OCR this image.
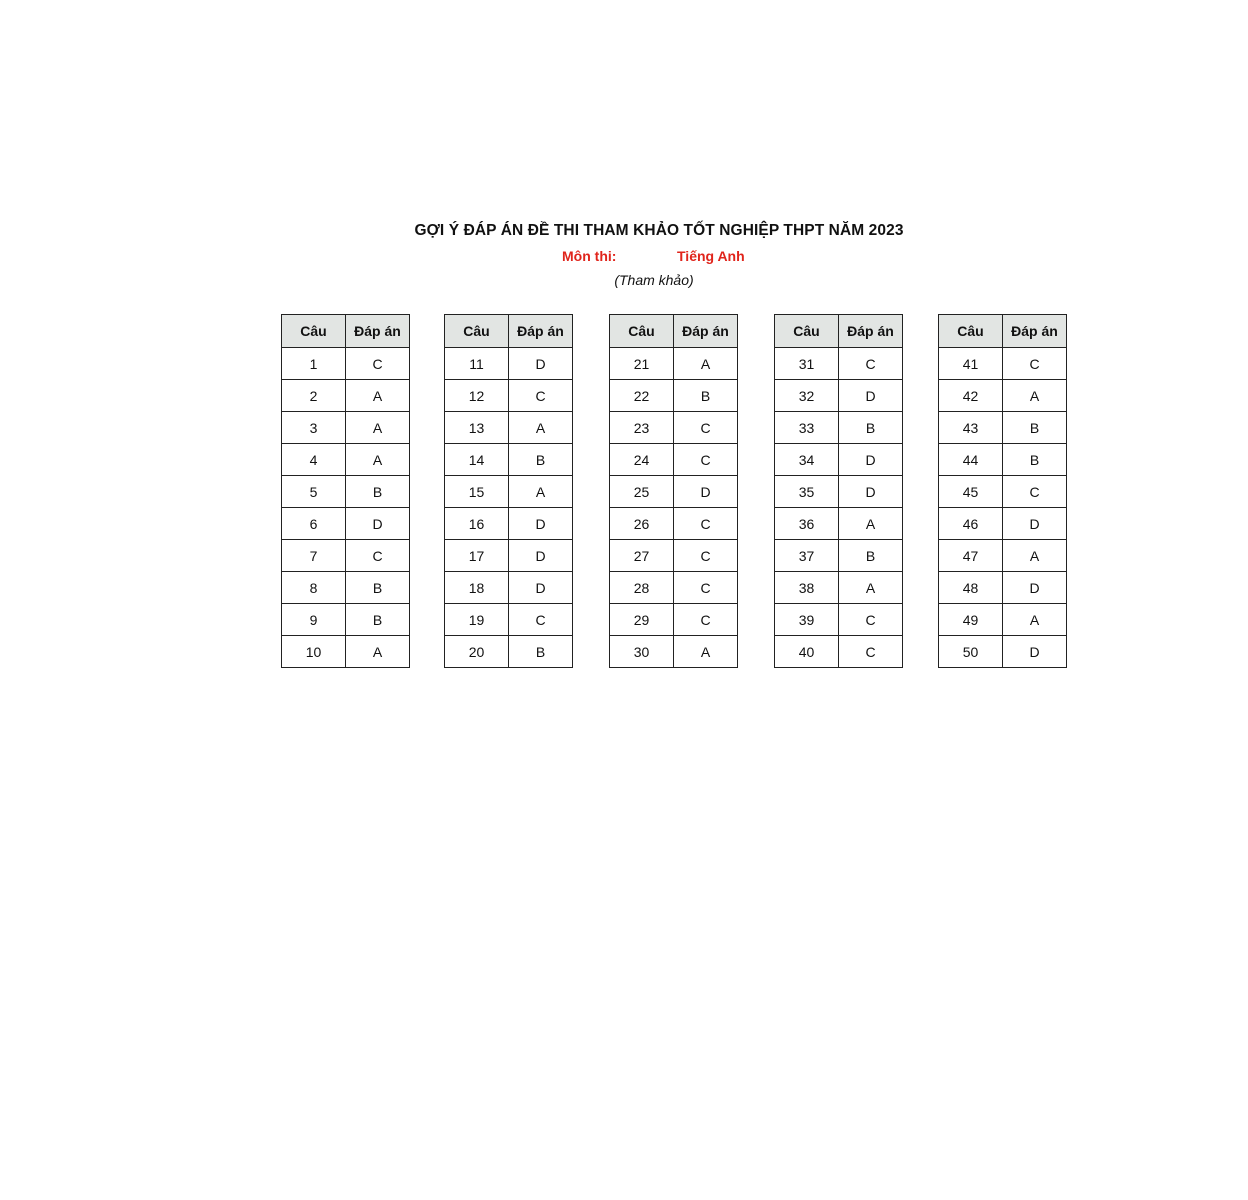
GỢI Ý ĐÁP ÁN ĐỀ THI THAM KHẢO TỐT NGHIỆP THPT NĂM 2023
Môn thi:	Tiếng Anh
(Tham khảo)
Câu	Đáp án
1	C
2	A
3	A
4	A
5	B
6	D
7	C
8	B
9	B
10	A
Câu	Đáp án
11	D
12	C
13	A
14	B
15	A
16	D
17	D
18	D
19	C
20	B
Câu	Đáp án
21	A
22	B
23	C
24	C
25	D
26	C
27	C
28	C
29	C
30	A
Câu	Đáp án
31	C
32	D
33	B
34	D
35	D
36	A
37	B
38	A
39	C
40	C
Câu	Đáp án
41	C
42	A
43	B
44	B
45	C
46	D
47	A
48	D
49	A
50	D
